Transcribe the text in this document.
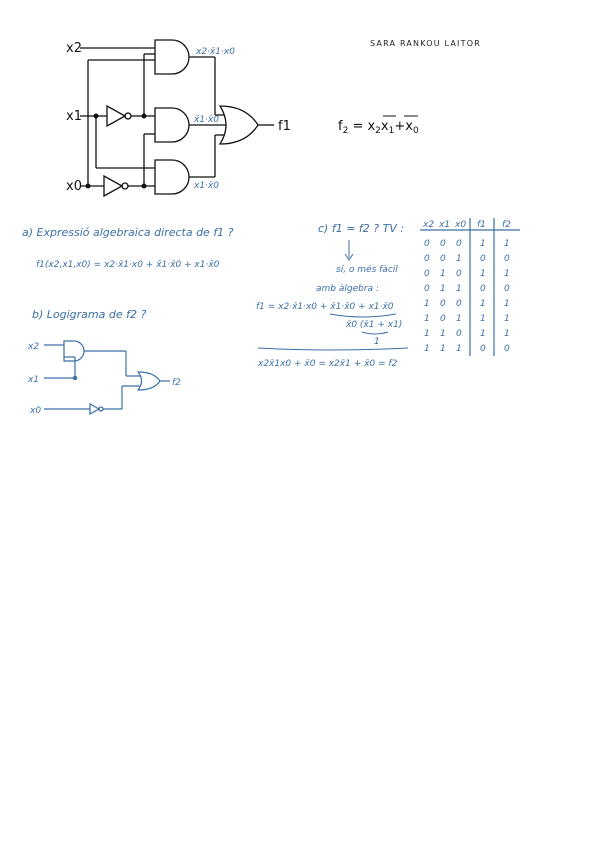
x2
x1
x0
f1
x2·x̄1·x0
x̄1·x̄0
x1·x̄0
SARA RANKOU LAITOR
$f_2 = x_2x_1+x_0$
a) Expressió algebraica directa de f1 ?
f1(x2,x1,x0) = x2·x̄1·x0 + x̄1·x̄0 + x1·x̄0
b) Logigrama de f2 ?
x2
x1
x0
f2
c) f1 = f2 ? TV :
sí, o més fàcil
amb àlgebra :
f1 = x2·x̄1·x0 + x̄1·x̄0 + x1·x̄0
x̄0 (x̄1 + x1)
1
x2x̄1x0 + x̄0 = x2x̄1 + x̄0 = f2
x2 x1 x0 f1 f2
0 0 0 1 1
0 0 1 0 0
0 1 0 1 1
0 1 1 0 0
1 0 0 1 1
1 0 1 1 1
1 1 0 1 1
1 1 1 0 0
